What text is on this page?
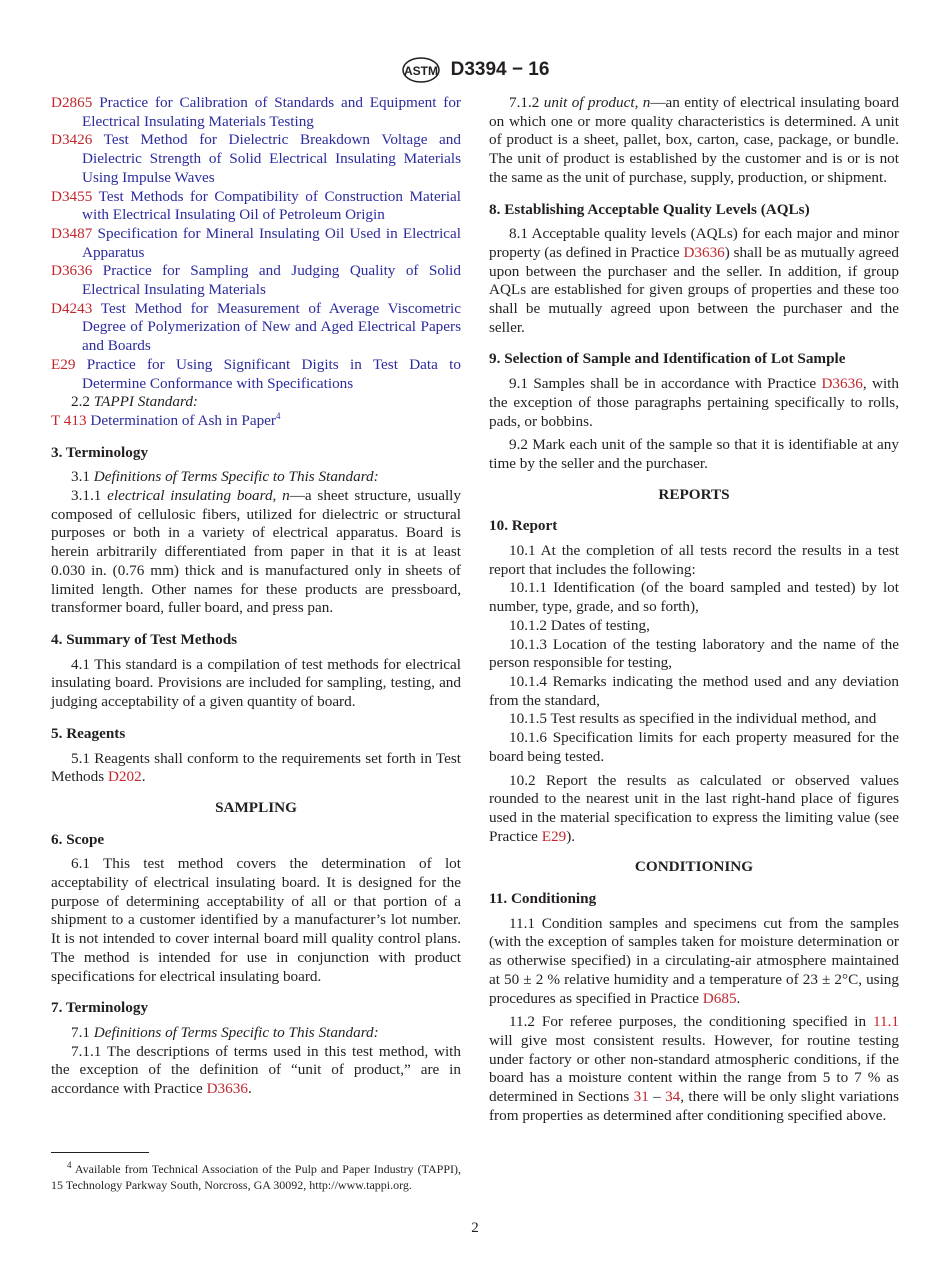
ASTM D3394 − 16

D2865 Practice for Calibration of Standards and Equipment for Electrical Insulating Materials Testing

D3426 Test Method for Dielectric Breakdown Voltage and Dielectric Strength of Solid Electrical Insulating Materials Using Impulse Waves

D3455 Test Methods for Compatibility of Construction Material with Electrical Insulating Oil of Petroleum Origin

D3487 Specification for Mineral Insulating Oil Used in Electrical Apparatus

D3636 Practice for Sampling and Judging Quality of Solid Electrical Insulating Materials

D4243 Test Method for Measurement of Average Viscometric Degree of Polymerization of New and Aged Electrical Papers and Boards

E29 Practice for Using Significant Digits in Test Data to Determine Conformance with Specifications

2.2 TAPPI Standard:

T 413 Determination of Ash in Paper$^4$

3. Terminology

3.1 Definitions of Terms Specific to This Standard:

3.1.1 electrical insulating board, n—a sheet structure, usually composed of cellulosic fibers, utilized for dielectric or structural purposes or both in a variety of electrical apparatus. Board is herein arbitrarily differentiated from paper in that it is at least 0.030 in. (0.76 mm) thick and is manufactured only in sheets of limited length. Other names for these products are pressboard, transformer board, fuller board, and press pan.

4. Summary of Test Methods

4.1 This standard is a compilation of test methods for electrical insulating board. Provisions are included for sampling, testing, and judging acceptability of a given quantity of board.

5. Reagents

5.1 Reagents shall conform to the requirements set forth in Test Methods D202.

SAMPLING
6. Scope

6.1 This test method covers the determination of lot acceptability of electrical insulating board. It is designed for the purpose of determining acceptability of all or that portion of a shipment to a customer identified by a manufacturer’s lot number. It is not intended to cover internal board mill quality control plans. The method is intended for use in conjunction with product specifications for electrical insulating board.

7. Terminology

7.1 Definitions of Terms Specific to This Standard:

7.1.1 The descriptions of terms used in this test method, with the exception of the definition of “unit of product,” are in accordance with Practice D3636.

7.1.2 unit of product, n—an entity of electrical insulating board on which one or more quality characteristics is determined. A unit of product is a sheet, pallet, box, carton, case, package, or bundle. The unit of product is established by the customer and is or is not the same as the unit of purchase, supply, production, or shipment.

8. Establishing Acceptable Quality Levels (AQLs)

8.1 Acceptable quality levels (AQLs) for each major and minor property (as defined in Practice D3636) shall be as mutually agreed upon between the purchaser and the seller. In addition, if group AQLs are established for given groups of properties and these too shall be mutually agreed upon between the purchaser and the seller.

9. Selection of Sample and Identification of Lot Sample

9.1 Samples shall be in accordance with Practice D3636, with the exception of those paragraphs pertaining specifically to rolls, pads, or bobbins.

9.2 Mark each unit of the sample so that it is identifiable at any time by the seller and the purchaser.

REPORTS
10. Report

10.1 At the completion of all tests record the results in a test report that includes the following:

10.1.1 Identification (of the board sampled and tested) by lot number, type, grade, and so forth),

10.1.2 Dates of testing,

10.1.3 Location of the testing laboratory and the name of the person responsible for testing,

10.1.4 Remarks indicating the method used and any deviation from the standard,

10.1.5 Test results as specified in the individual method, and

10.1.6 Specification limits for each property measured for the board being tested.

10.2 Report the results as calculated or observed values rounded to the nearest unit in the last right-hand place of figures used in the material specification to express the limiting value (see Practice E29).

CONDITIONING
11. Conditioning

11.1 Condition samples and specimens cut from the samples (with the exception of samples taken for moisture determination or as otherwise specified) in a circulating-air atmosphere maintained at 50 ± 2 % relative humidity and a temperature of 23 ± 2°C, using procedures as specified in Practice D685.

11.2 For referee purposes, the conditioning specified in 11.1 will give most consistent results. However, for routine testing under factory or other non-standard atmospheric conditions, if the board has a moisture content within the range from 5 to 7 % as determined in Sections 31 – 34, there will be only slight variations from properties as determined after conditioning specified above.

$^4$ Available from Technical Association of the Pulp and Paper Industry (TAPPI), 15 Technology Parkway South, Norcross, GA 30092, http://www.tappi.org.
2
